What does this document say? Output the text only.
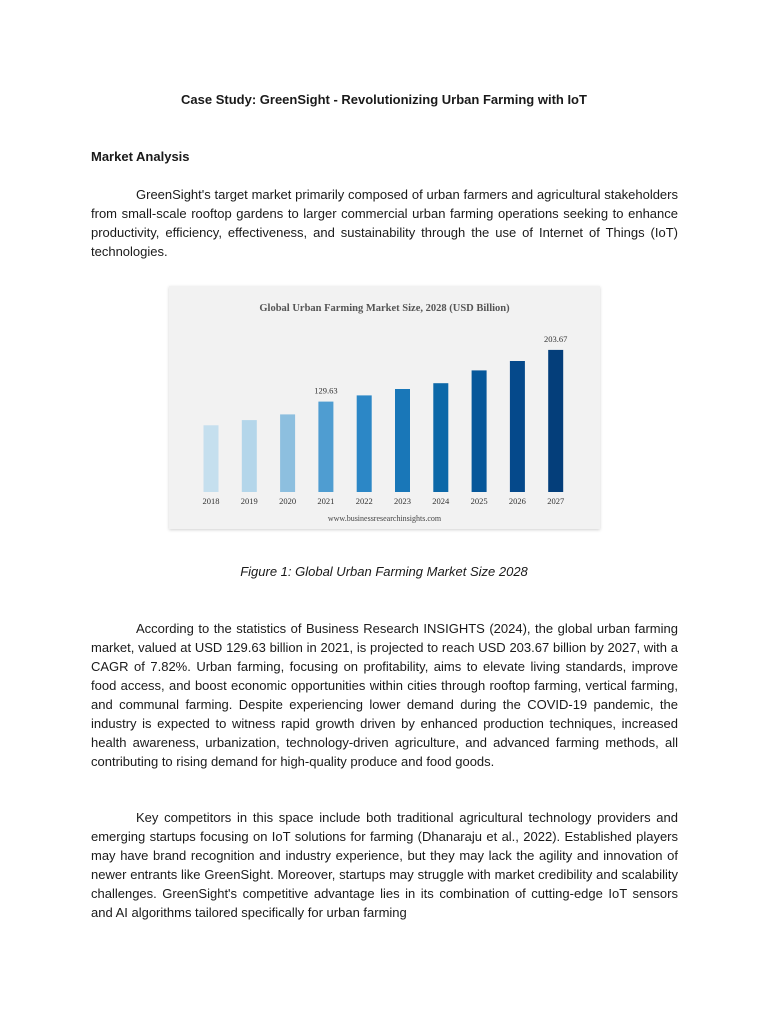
Case Study: GreenSight - Revolutionizing Urban Farming with IoT
Market Analysis

GreenSight's target market primarily composed of urban farmers and agricultural stakeholders from small-scale rooftop gardens to larger commercial urban farming operations seeking to enhance productivity, efficiency, effectiveness, and sustainability through the use of Internet of Things (IoT) technologies.

Global Urban Farming Market Size, 2028 (USD Billion)
129.63
203.67
2018	2019	2020	2021	2022	2023	2024	2025	2026	2027
www.businessresearchinsights.com
Figure 1: Global Urban Farming Market Size 2028

According to the statistics of Business Research INSIGHTS (2024), the global urban farming market, valued at USD 129.63 billion in 2021, is projected to reach USD 203.67 billion by 2027, with a CAGR of 7.82%. Urban farming, focusing on profitability, aims to elevate living standards, improve food access, and boost economic opportunities within cities through rooftop farming, vertical farming, and communal farming. Despite experiencing lower demand during the COVID-19 pandemic, the industry is expected to witness rapid growth driven by enhanced production techniques, increased health awareness, urbanization, technology-driven agriculture, and advanced farming methods, all contributing to rising demand for high-quality produce and food goods.

Key competitors in this space include both traditional agricultural technology providers and emerging startups focusing on IoT solutions for farming (Dhanaraju et al., 2022). Established players may have brand recognition and industry experience, but they may lack the agility and innovation of newer entrants like GreenSight. Moreover, startups may struggle with market credibility and scalability challenges. GreenSight's competitive advantage lies in its combination of cutting-edge IoT sensors and AI algorithms tailored specifically for urban farming
